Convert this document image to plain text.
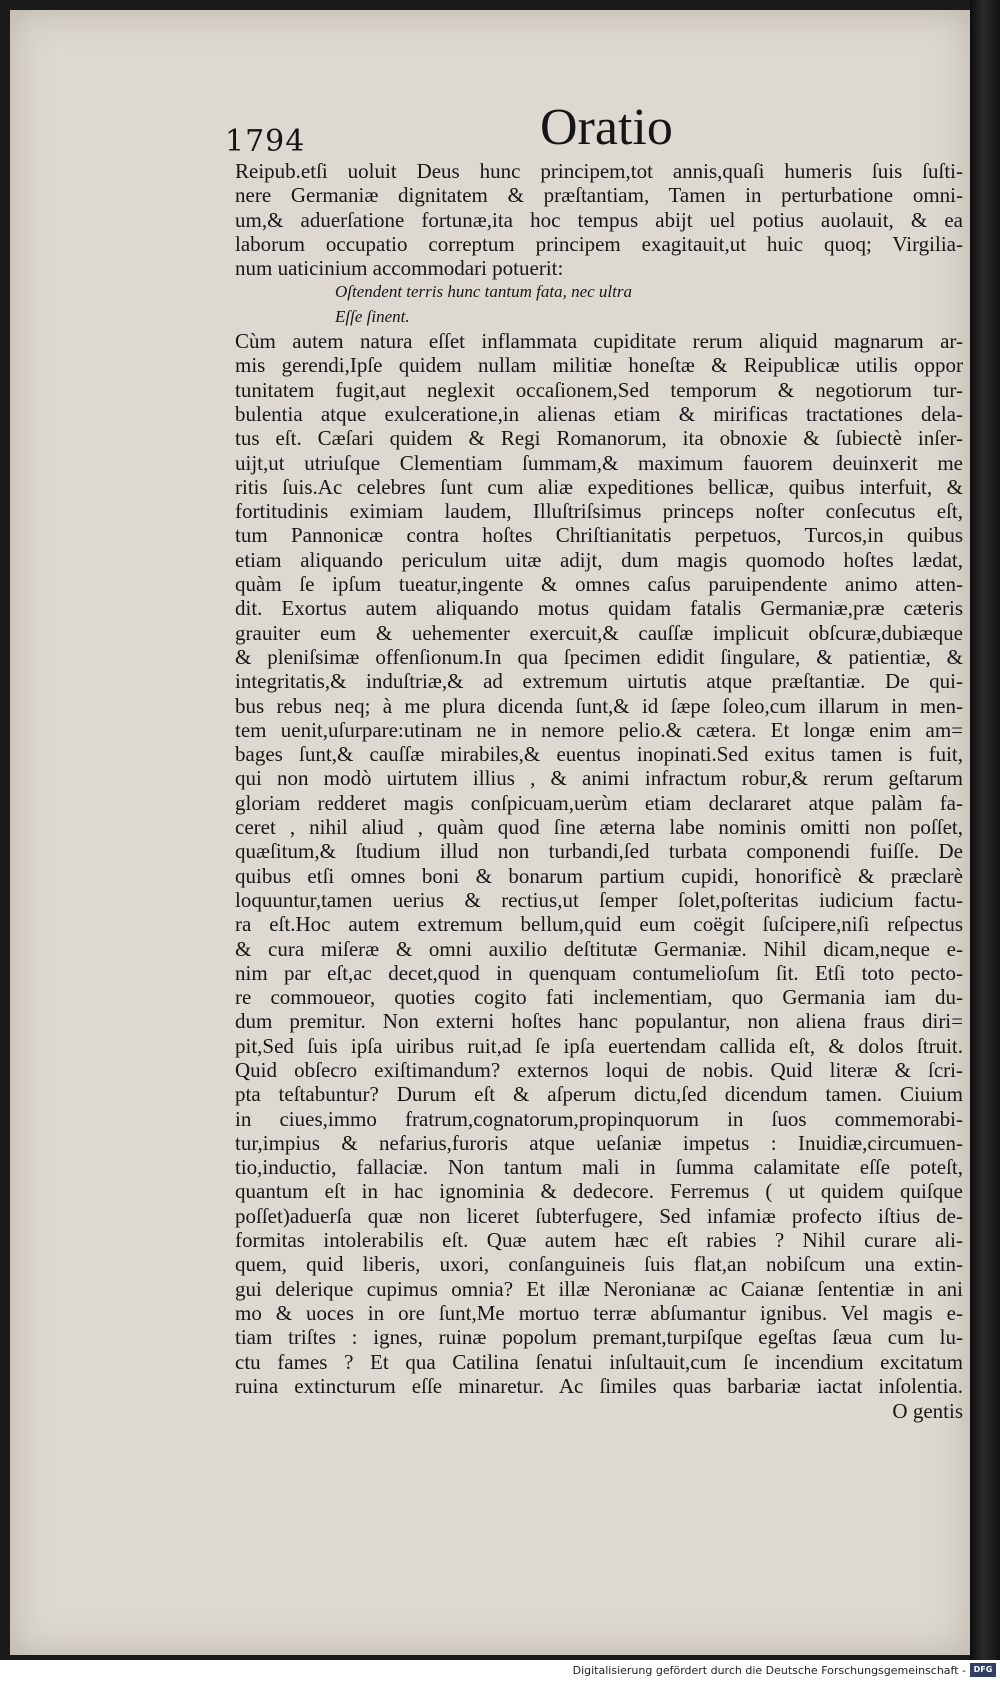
1794	Oratio
Reipub.etſi uoluit Deus hunc principem,tot annis,quaſi humeris ſuis ſuſti-
nere Germaniæ dignitatem & præſtantiam, Tamen in perturbatione omni-
um,& aduerſatione fortunæ,ita hoc tempus abijt uel potius auolauit, & ea
laborum occupatio correptum principem exagitauit,ut huic quoq; Virgilia-
num uaticinium accommodari potuerit:
Oſtendent terris hunc tantum fata, nec ultra
Eſſe ſinent.
Cùm autem natura eſſet inflammata cupiditate rerum aliquid magnarum ar-
mis gerendi,Ipſe quidem nullam militiæ honeſtæ & Reipublicæ utilis oppor
tunitatem fugit,aut neglexit occaſionem,Sed temporum & negotiorum tur-
bulentia atque exulceratione,in alienas etiam & mirificas tractationes dela-
tus eſt. Cæſari quidem & Regi Romanorum, ita obnoxie & ſubiectè inſer-
uijt,ut utriuſque Clementiam ſummam,& maximum fauorem deuinxerit me
ritis ſuis.Ac celebres ſunt cum aliæ expeditiones bellicæ, quibus interfuit, &
fortitudinis eximiam laudem, Illuſtriſsimus princeps noſter conſecutus eſt,
tum Pannonicæ contra hoſtes Chriſtianitatis perpetuos, Turcos,in quibus
etiam aliquando periculum uitæ adijt, dum magis quomodo hoſtes lædat,
quàm ſe ipſum tueatur,ingente & omnes caſus paruipendente animo atten-
dit. Exortus autem aliquando motus quidam fatalis Germaniæ,præ cæteris
grauiter eum & uehementer exercuit,& cauſſæ implicuit obſcuræ,dubiæque
& pleniſsimæ offenſionum.In qua ſpecimen edidit ſingulare, & patientiæ, &
integritatis,& induſtriæ,& ad extremum uirtutis atque præſtantiæ. De qui-
bus rebus neq; à me plura dicenda ſunt,& id ſæpe ſoleo,cum illarum in men-
tem uenit,uſurpare:utinam ne in nemore pelio.& cætera. Et longæ enim am=
bages ſunt,& cauſſæ mirabiles,& euentus inopinati.Sed exitus tamen is fuit,
qui non modò uirtutem illius , & animi infractum robur,& rerum geſtarum
gloriam redderet magis conſpicuam,uerùm etiam declararet atque palàm fa-
ceret , nihil aliud , quàm quod ſine æterna labe nominis omitti non poſſet,
quæſitum,& ſtudium illud non turbandi,ſed turbata componendi fuiſſe. De
quibus etſi omnes boni & bonarum partium cupidi, honorificè & præclarè
loquuntur,tamen uerius & rectius,ut ſemper ſolet,poſteritas iudicium factu-
ra eſt.Hoc autem extremum bellum,quid eum coëgit ſuſcipere,niſi reſpectus
& cura miſeræ & omni auxilio deſtitutæ Germaniæ. Nihil dicam,neque e-
nim par eſt,ac decet,quod in quenquam contumelioſum ſit. Etſi toto pecto-
re commoueor, quoties cogito fati inclementiam, quo Germania iam du-
dum premitur. Non externi hoſtes hanc populantur, non aliena fraus diri=
pit,Sed ſuis ipſa uiribus ruit,ad ſe ipſa euertendam callida eſt, & dolos ſtruit.
Quid obſecro exiſtimandum? externos loqui de nobis. Quid literæ & ſcri-
pta teſtabuntur? Durum eſt & aſperum dictu,ſed dicendum tamen. Ciuium
in ciues,immo fratrum,cognatorum,propinquorum in ſuos commemorabi-
tur,impius & nefarius,furoris atque ueſaniæ impetus : Inuidiæ,circumuen-
tio,inductio, fallaciæ. Non tantum mali in ſumma calamitate eſſe poteſt,
quantum eſt in hac ignominia & dedecore. Ferremus ( ut quidem quiſque
poſſet)aduerſa quæ non liceret ſubterfugere, Sed infamiæ profecto iſtius de-
formitas intolerabilis eſt. Quæ autem hæc eſt rabies ? Nihil curare ali-
quem, quid liberis, uxori, conſanguineis ſuis flat,an nobiſcum una extin-
gui delerique cupimus omnia? Et illæ Neronianæ ac Caianæ ſententiæ in ani
mo & uoces in ore ſunt,Me mortuo terræ abſumantur ignibus. Vel magis e-
tiam triſtes : ignes, ruinæ popolum premant,turpiſque egeſtas ſæua cum lu-
ctu fames ? Et qua Catilina ſenatui inſultauit,cum ſe incendium excitatum
ruina extincturum eſſe minaretur. Ac ſimiles quas barbariæ iactat inſolentia.
O gentis
Digitalisierung gefördert durch die Deutsche Forschungsgemeinschaft - DFG
